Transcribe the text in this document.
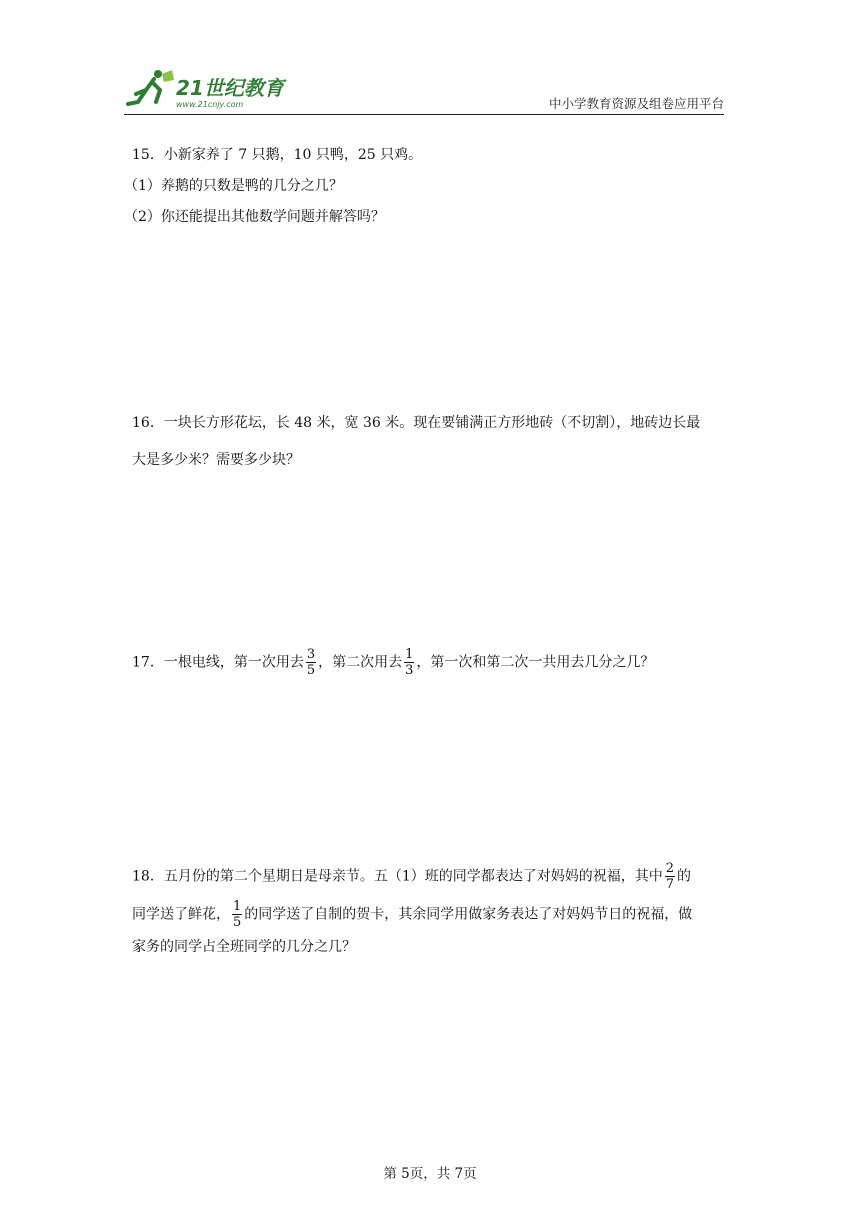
21世纪教育
www.21cnjy.com	中小学教育资源及组卷应用平台
15．小新家养了 7 只鹅，10 只鸭，25 只鸡。
（1）养鹅的只数是鸭的几分之几？
（2）你还能提出其他数学问题并解答吗？
16．一块长方形花坛，长 48 米，宽 36 米。现在要铺满正方形地砖（不切割），地砖边长最
大是多少米？需要多少块？
17．一根电线，第一次用去 $\frac{3}{5}$ ，第二次用去 $\frac{1}{3}$ ，第一次和第二次一共用去几分之几？
18．五月份的第二个星期日是母亲节。五（1）班的同学都表达了对妈妈的祝福，其中 $\frac{2}{7}$ 的
同学送了鲜花， $\frac{1}{5}$ 的同学送了自制的贺卡，其余同学用做家务表达了对妈妈节日的祝福，做
家务的同学占全班同学的几分之几？
第 5页，共 7页
